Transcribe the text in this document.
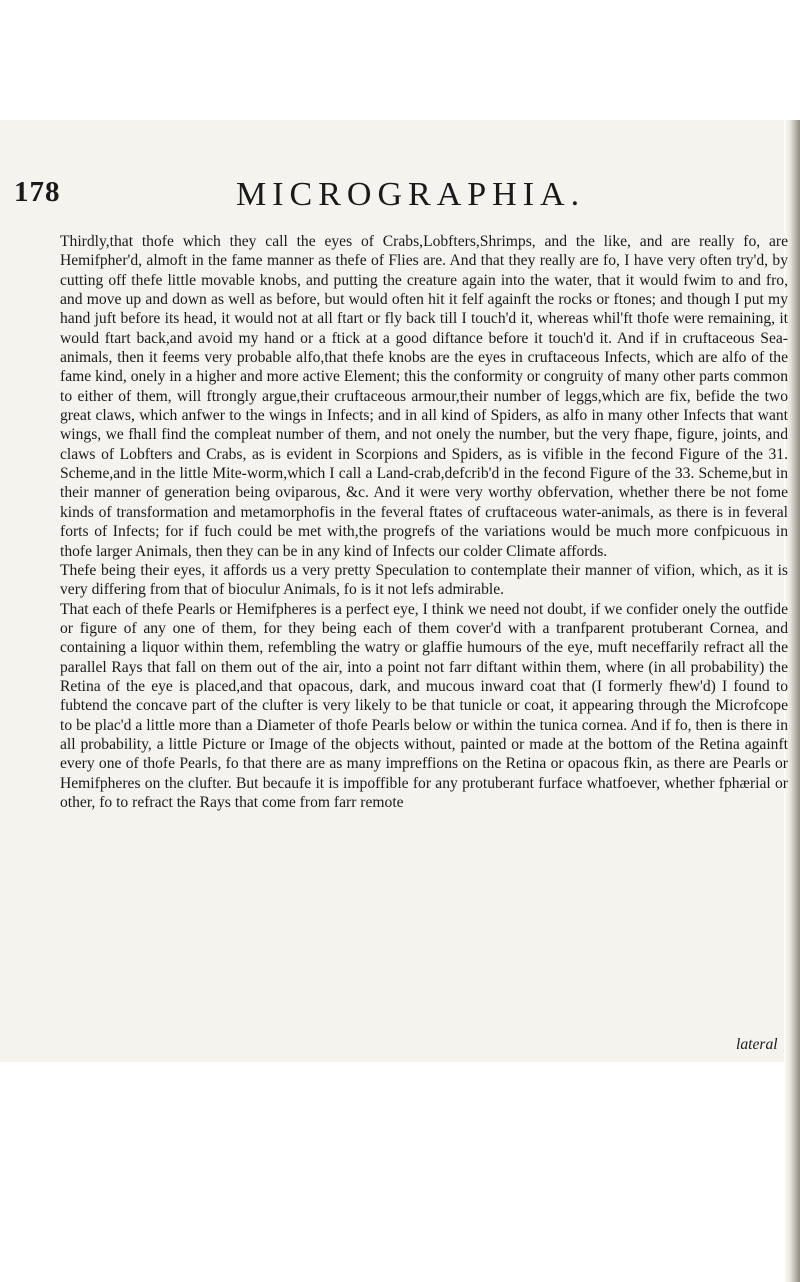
178	MICROGRAPHIA.
Thirdly,that thofe which they call the eyes of Crabs,Lobfters,Shrimps, and the like, and are really fo, are Hemifpher'd, almoft in the fame manner as thefe of Flies are. And that they really are fo, I have very often try'd, by cutting off thefe little movable knobs, and putting the creature again into the water, that it would fwim to and fro, and move up and down as well as before, but would often hit it felf againft the rocks or ftones; and though I put my hand juft before its head, it would not at all ftart or fly back till I touch'd it, whereas whil'ft thofe were remaining, it would ftart back,and avoid my hand or a ftick at a good diftance before it touch'd it. And if in cruftaceous Sea-animals, then it feems very probable alfo,that thefe knobs are the eyes in cruftaceous Infects, which are alfo of the fame kind, onely in a higher and more active Element; this the conformity or congruity of many other parts common to either of them, will ftrongly argue,their cruftaceous armour,their number of leggs,which are fix, befide the two great claws, which anfwer to the wings in Infects; and in all kind of Spiders, as alfo in many other Infects that want wings, we fhall find the compleat number of them, and not onely the number, but the very fhape, figure, joints, and claws of Lobfters and Crabs, as is evident in Scorpions and Spiders, as is vifible in the fecond Figure of the 31. Scheme,and in the little Mite-worm,which I call a Land-crab,defcrib'd in the fecond Figure of the 33. Scheme,but in their manner of generation being oviparous, &c. And it were very worthy obfervation, whether there be not fome kinds of transformation and metamorphofis in the feveral ftates of cruftaceous water-animals, as there is in feveral forts of Infects; for if fuch could be met with,the progrefs of the variations would be much more confpicuous in thofe larger Animals, then they can be in any kind of Infects our colder Climate affords.
Thefe being their eyes, it affords us a very pretty Speculation to contemplate their manner of vifion, which, as it is very differing from that of bioculur Animals, fo is it not lefs admirable.
That each of thefe Pearls or Hemifpheres is a perfect eye, I think we need not doubt, if we confider onely the outfide or figure of any one of them, for they being each of them cover'd with a tranfparent protuberant Cornea, and containing a liquor within them, refembling the watry or glaffie humours of the eye, muft neceffarily refract all the parallel Rays that fall on them out of the air, into a point not farr diftant within them, where (in all probability) the Retina of the eye is placed,and that opacous, dark, and mucous inward coat that (I formerly fhew'd) I found to fubtend the concave part of the clufter is very likely to be that tunicle or coat, it appearing through the Microfcope to be plac'd a little more than a Diameter of thofe Pearls below or within the tunica cornea. And if fo, then is there in all probability, a little Picture or Image of the objects without, painted or made at the bottom of the Retina againft every one of thofe Pearls, fo that there are as many impreffions on the Retina or opacous fkin, as there are Pearls or Hemifpheres on the clufter. But becaufe it is impoffible for any protuberant furface whatfoever, whether fphærial or other, fo to refract the Rays that come from farr remote
lateral
